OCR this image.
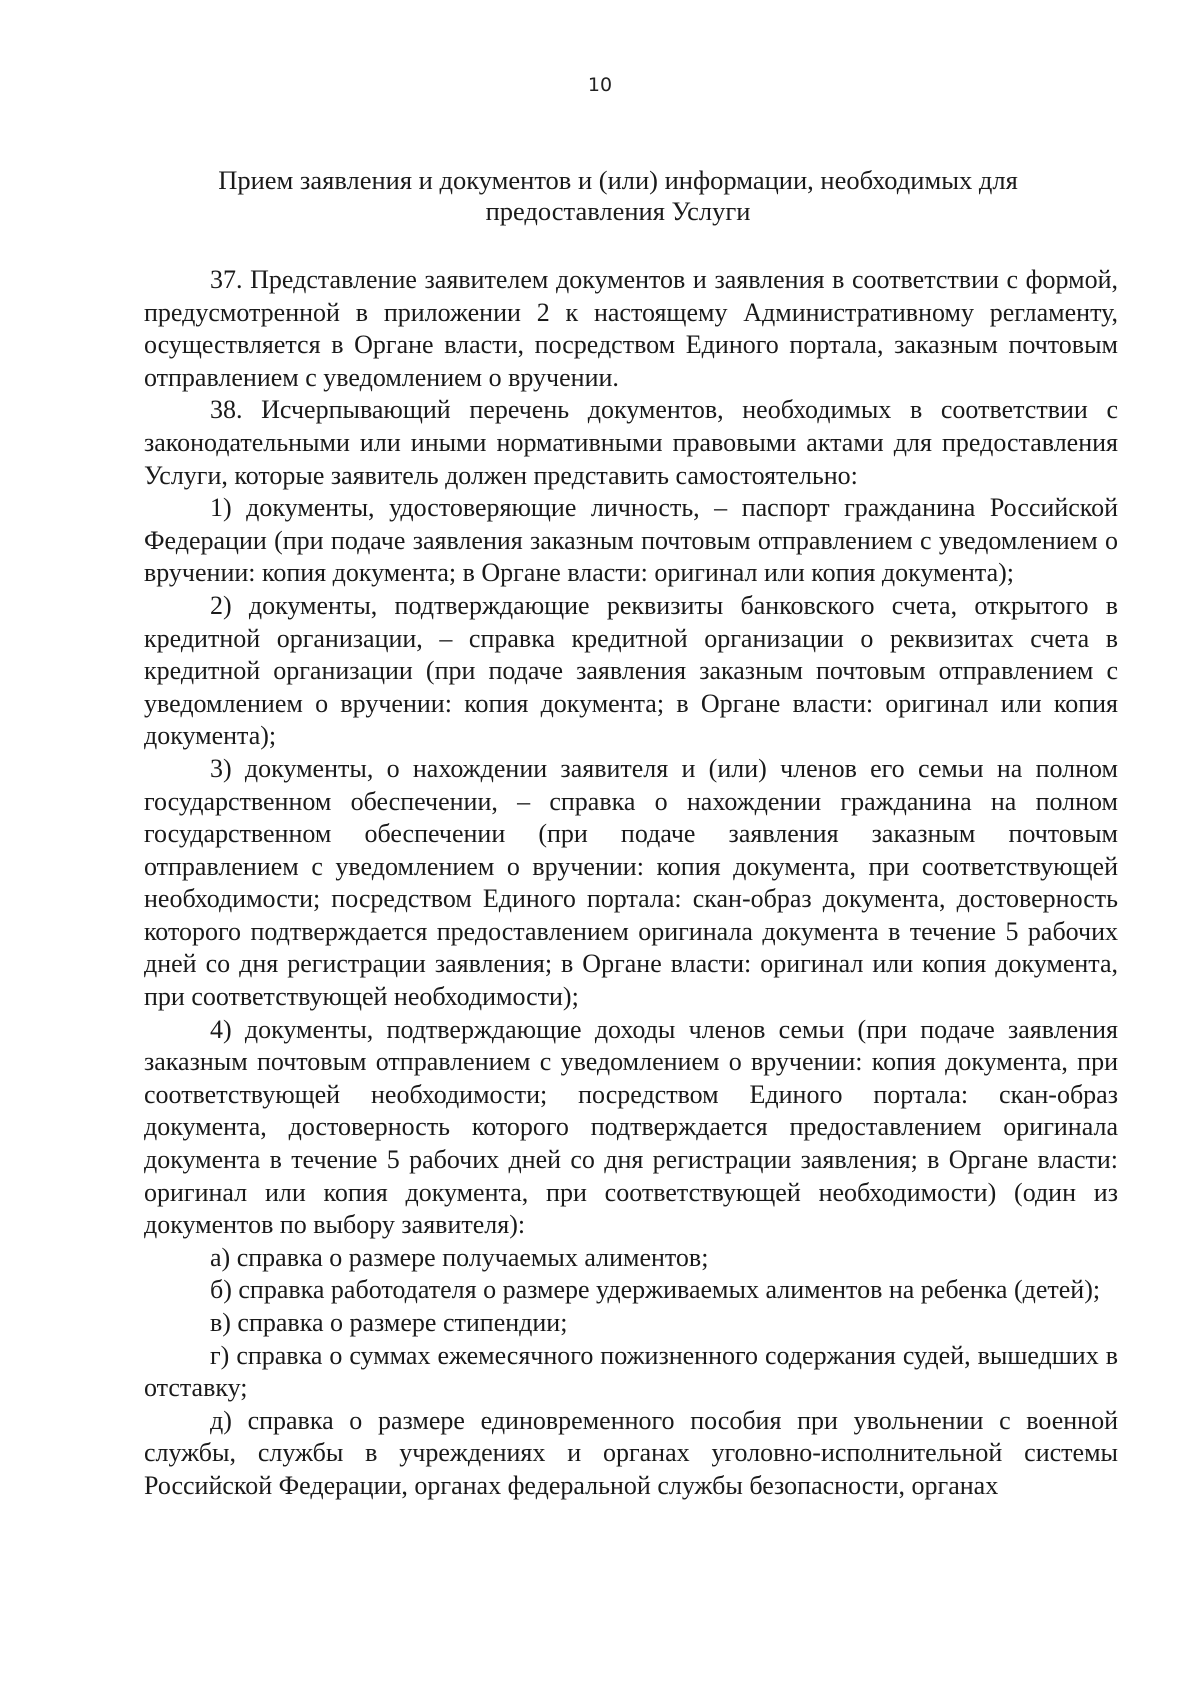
10
Прием заявления и документов и (или) информации, необходимых для предоставления Услуги

37. Представление заявителем документов и заявления в соответствии с формой, предусмотренной в приложении 2 к настоящему Административному регламенту, осуществляется в Органе власти, посредством Единого портала, заказным почтовым отправлением с уведомлением о вручении.

38. Исчерпывающий перечень документов, необходимых в соответствии с законодательными или иными нормативными правовыми актами для предоставления Услуги, которые заявитель должен представить самостоятельно:

1) документы, удостоверяющие личность, – паспорт гражданина Российской Федерации (при подаче заявления заказным почтовым отправлением с уведомлением о вручении: копия документа; в Органе власти: оригинал или копия документа);

2) документы, подтверждающие реквизиты банковского счета, открытого в кредитной организации, – справка кредитной организации о реквизитах счета в кредитной организации (при подаче заявления заказным почтовым отправлением с уведомлением о вручении: копия документа; в Органе власти: оригинал или копия документа);

3) документы, о нахождении заявителя и (или) членов его семьи на полном государственном обеспечении, – справка о нахождении гражданина на полном государственном обеспечении (при подаче заявления заказным почтовым отправлением с уведомлением о вручении: копия документа, при соответствующей необходимости; посредством Единого портала: скан-образ документа, достоверность которого подтверждается предоставлением оригинала документа в течение 5 рабочих дней со дня регистрации заявления; в Органе власти: оригинал или копия документа, при соответствующей необходимости);

4) документы, подтверждающие доходы членов семьи (при подаче заявления заказным почтовым отправлением с уведомлением о вручении: копия документа, при соответствующей необходимости; посредством Единого портала: скан-образ документа, достоверность которого подтверждается предоставлением оригинала документа в течение 5 рабочих дней со дня регистрации заявления; в Органе власти: оригинал или копия документа, при соответствующей необходимости) (один из документов по выбору заявителя):

а) справка о размере получаемых алиментов;

б) справка работодателя о размере удерживаемых алиментов на ребенка (детей);

в) справка о размере стипендии;

г) справка о суммах ежемесячного пожизненного содержания судей, вышедших в отставку;

д) справка о размере единовременного пособия при увольнении с военной службы, службы в учреждениях и органах уголовно-исполнительной системы Российской Федерации, органах федеральной службы безопасности, органах
